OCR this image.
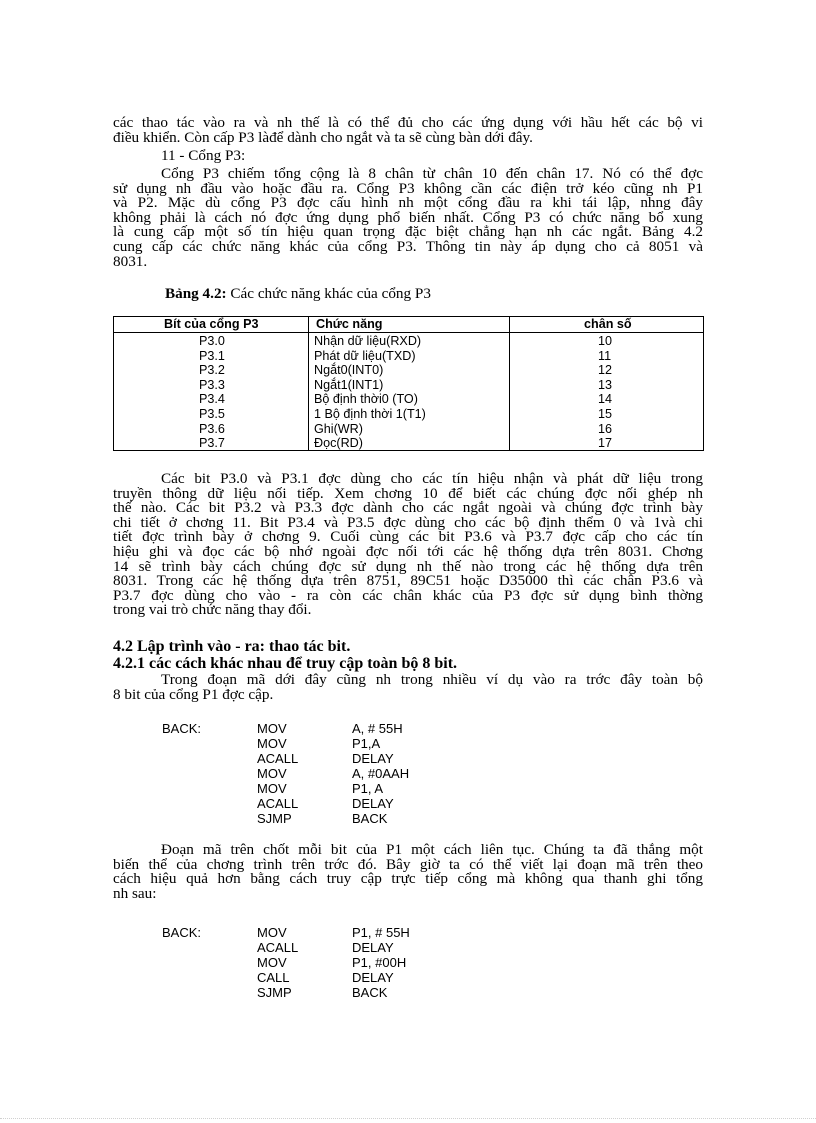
các thao tác vào ra và nh thế là có thể đủ cho các ứng dụng với hầu hết các bộ vi
điều khiển. Còn cấp P3 làđể dành cho ngắt và ta sẽ cùng bàn dới đây.
11 - Cổng P3:
Cổng P3 chiếm tổng cộng là 8 chân từ chân 10 đến chân 17. Nó có thể đợc
sử dụng nh đầu vào hoặc đầu ra. Cổng P3 không cần các điện trở kéo cũng nh P1
và P2. Mặc dù cổng P3 đợc cấu hình nh một cổng đầu ra khi tái lập, nhng đây
không phải là cách nó đợc ứng dụng phổ biến nhất. Cổng P3 có chức năng bổ xung
là cung cấp một số tín hiệu quan trọng đặc biệt chẳng hạn nh các ngắt. Bảng 4.2
cung cấp các chức năng khác của cổng P3. Thông tin này áp dụng cho cả 8051 và
8031.
Bảng 4.2: Các chức năng khác của cổng P3
Bít của cổng P3	Chức năng	chân số
P3.0	Nhận dữ liệu(RXD)	10
P3.1	Phát dữ liệu(TXD)	11
P3.2	Ngắt0(INT0)	12
P3.3	Ngắt1(INT1)	13
P3.4	Bộ định thời0 (TO)	14
P3.5	1 Bộ định thời 1(T1)	15
P3.6	Ghi(WR)	16
P3.7	Đọc(RD)	17
Các bit P3.0 và P3.1 đợc dùng cho các tín hiệu nhận và phát dữ liệu trong
truyền thông dữ liệu nối tiếp. Xem chơng 10 để biết các chúng đợc nối ghép nh
thế nào. Các bit P3.2 và P3.3 đợc dành cho các ngắt ngoài và chúng đợc trình bày
chi tiết ở chơng 11. Bit P3.4 và P3.5 đợc dùng cho các bộ định thểm 0 và 1và chi
tiết đợc trình bày ở chơng 9. Cuối cùng các bit P3.6 và P3.7 đợc cấp cho các tín
hiệu ghi và đọc các bộ nhớ ngoài đợc nối tới các hệ thống dựa trên 8031. Chơng
14 sẽ trình bày cách chúng đợc sử dụng nh thế nào trong các hệ thống dựa trên
8031. Trong các hệ thống dựa trên 8751, 89C51 hoặc D35000 thì các chân P3.6 và
P3.7 đợc dùng cho vào - ra còn các chân khác của P3 đợc sử dụng bình thờng
trong vai trò chức năng thay đổi.
4.2 Lập trình vào - ra: thao tác bit.
4.2.1 các cách khác nhau để truy cập toàn bộ 8 bit.
Trong đoạn mã dới đây cũng nh trong nhiều ví dụ vào ra trớc đây toàn bộ
8 bit của cổng P1 đợc cập.
BACK:	MOV	A, # 55H
MOV	P1,A
ACALL	DELAY
MOV	A, #0AAH
MOV	P1, A
ACALL	DELAY
SJMP	BACK
Đoạn mã trên chốt mỗi bit của P1 một cách liên tục. Chúng ta đã thắng một
biến thể của chơng trình trên trớc đó. Bây giờ ta có thể viết lại đoạn mã trên theo
cách hiệu quả hơn bằng cách truy cập trực tiếp cổng mà không qua thanh ghi tổng
nh sau:
BACK:	MOV	P1, # 55H
ACALL	DELAY
MOV	P1, #00H
CALL	DELAY
SJMP	BACK
